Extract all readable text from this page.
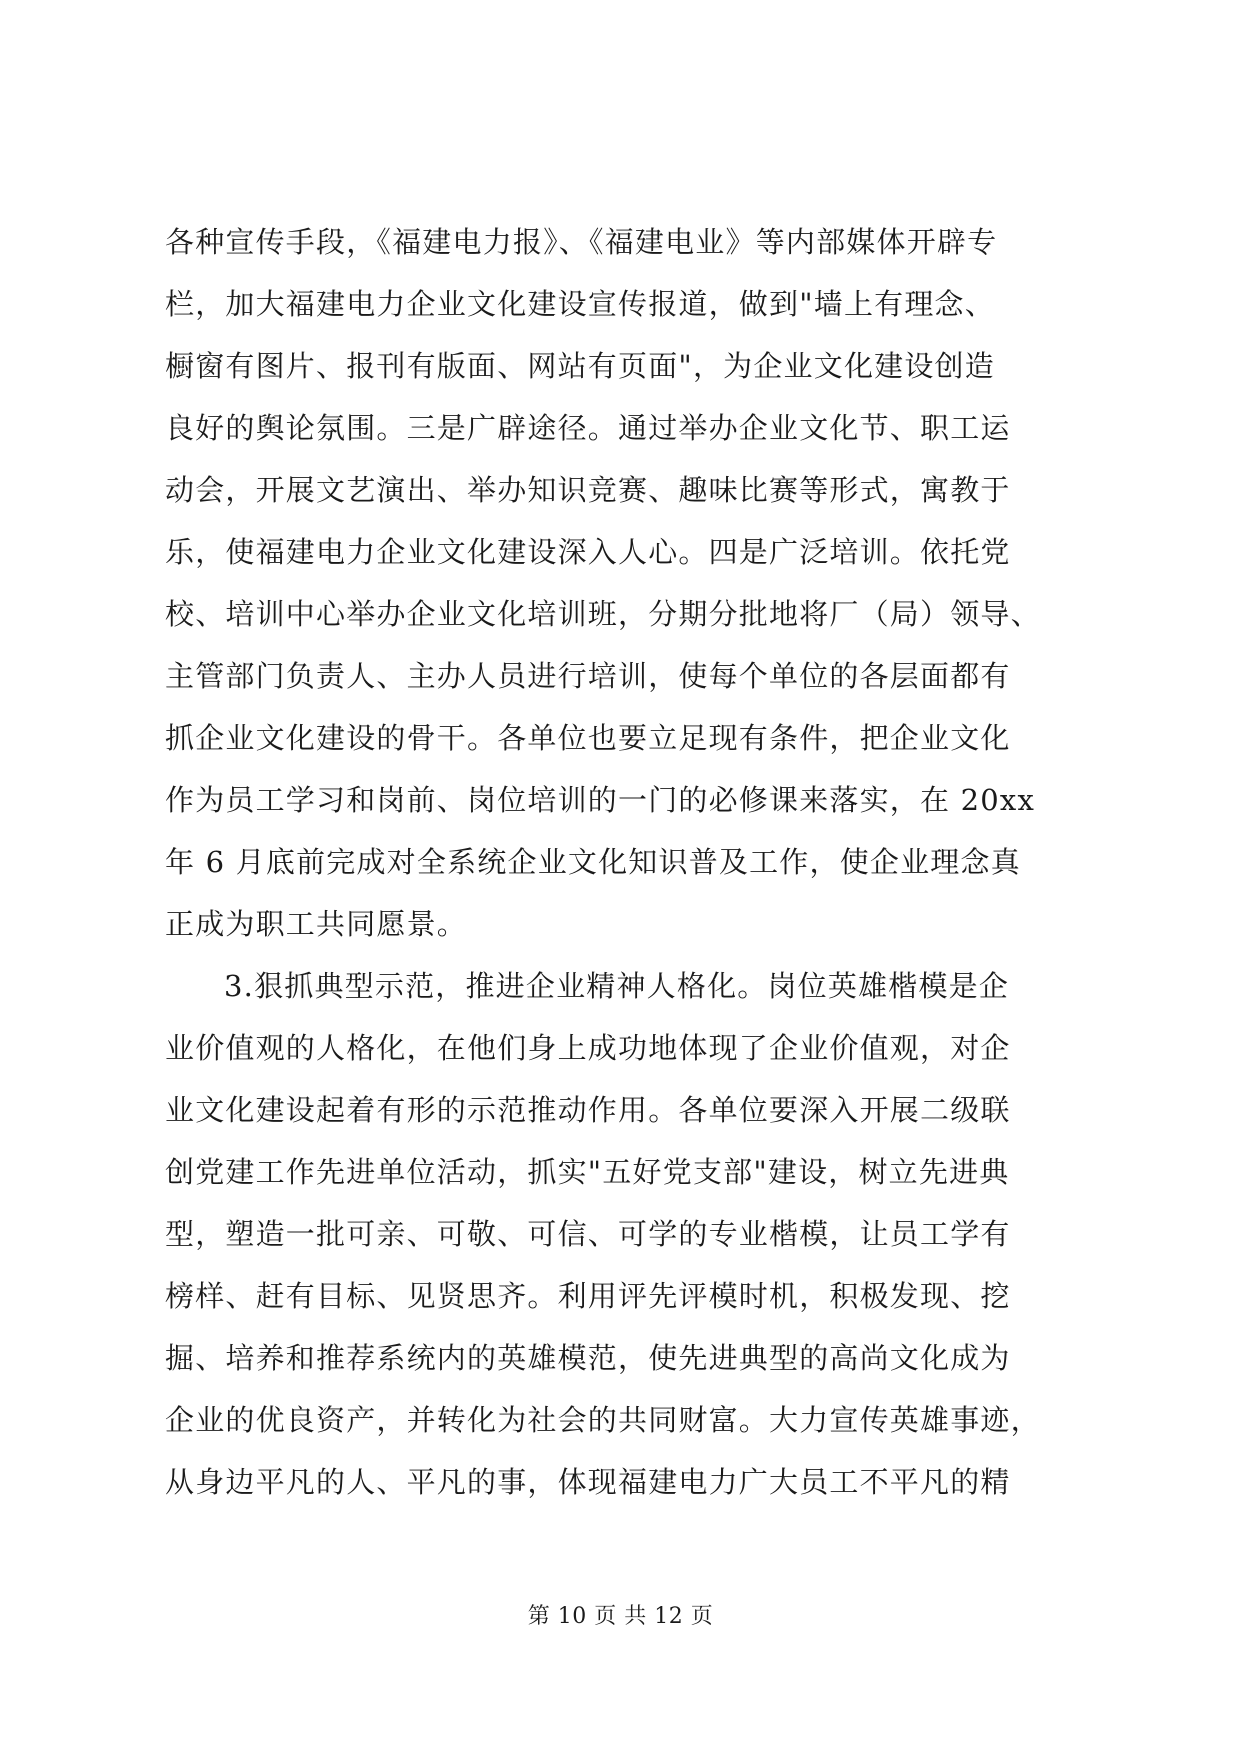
各种宣传手段，《福建电力报》、《福建电业》等内部媒体开辟专
栏，加大福建电力企业文化建设宣传报道，做到"墙上有理念、
橱窗有图片、报刊有版面、网站有页面"，为企业文化建设创造
良好的舆论氛围。三是广辟途径。通过举办企业文化节、职工运
动会，开展文艺演出、举办知识竞赛、趣味比赛等形式，寓教于
乐，使福建电力企业文化建设深入人心。四是广泛培训。依托党
校、培训中心举办企业文化培训班，分期分批地将厂（局）领导、
主管部门负责人、主办人员进行培训，使每个单位的各层面都有
抓企业文化建设的骨干。各单位也要立足现有条件，把企业文化
作为员工学习和岗前、岗位培训的一门的必修课来落实，在 20xx
年 6 月底前完成对全系统企业文化知识普及工作，使企业理念真
正成为职工共同愿景。
3.狠抓典型示范，推进企业精神人格化。岗位英雄楷模是企
业价值观的人格化，在他们身上成功地体现了企业价值观，对企
业文化建设起着有形的示范推动作用。各单位要深入开展二级联
创党建工作先进单位活动，抓实"五好党支部"建设，树立先进典
型，塑造一批可亲、可敬、可信、可学的专业楷模，让员工学有
榜样、赶有目标、见贤思齐。利用评先评模时机，积极发现、挖
掘、培养和推荐系统内的英雄模范，使先进典型的高尚文化成为
企业的优良资产，并转化为社会的共同财富。大力宣传英雄事迹，
从身边平凡的人、平凡的事，体现福建电力广大员工不平凡的精
第 10 页 共 12 页
